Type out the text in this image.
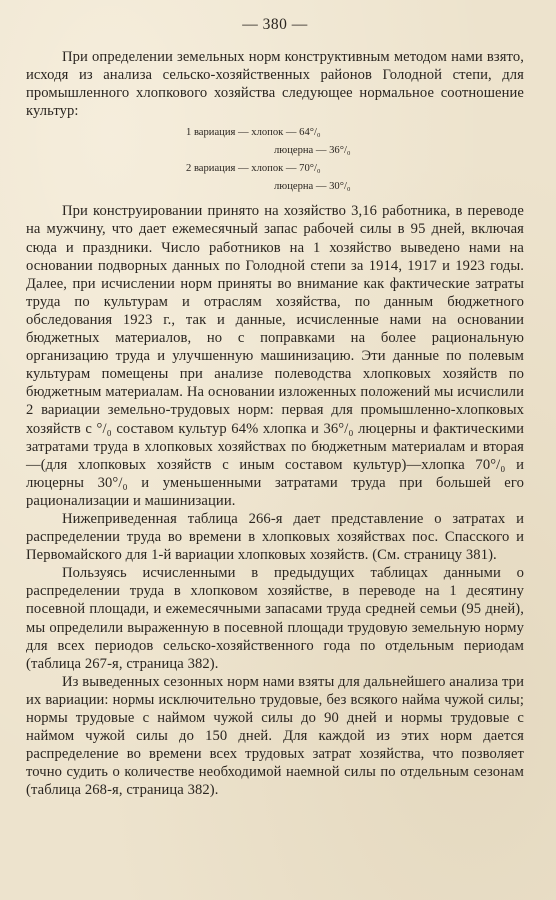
— 380 —

При определении земельных норм конструктивным методом нами взято, исходя из анализа сельско-хозяйственных районов Голодной степи, для промышленного хлопкового хозяйства следующее нормальное соотношение культур:

1 вариация — хлопок — 64°/₀
люцерна — 36°/₀
2 вариация — хлопок — 70°/₀
люцерна — 30°/₀

При конструировании принято на хозяйство 3,16 работника, в переводе на мужчину, что дает ежемесячный запас рабочей силы в 95 дней, включая сюда и праздники. Число работников на 1 хозяйство выведено нами на основании подворных данных по Голодной степи за 1914, 1917 и 1923 годы. Далее, при исчислении норм приняты во внимание как фактические затраты труда по культурам и отраслям хозяйства, по данным бюджетного обследования 1923 г., так и данные, исчисленные нами на основании бюджетных материалов, но с поправками на более рациональную организацию труда и улучшенную машинизацию. Эти данные по полевым культурам помещены при анализе полеводства хлопковых хозяйств по бюджетным материалам. На основании изложенных положений мы исчислили 2 вариации земельно-трудовых норм: первая для промышленно-хлопковых хозяйств с °/₀ составом культур 64% хлопка и 36°/₀ люцерны и фактическими затратами труда в хлопковых хозяйствах по бюджетным материалам и вторая—(для хлопковых хозяйств с иным составом культур)—хлопка 70°/₀ и люцерны 30°/₀ и уменьшенными затратами труда при большей его рационализации и машинизации.

Нижеприведенная таблица 266-я дает представление о затратах и распределении труда во времени в хлопковых хозяйствах пос. Спасского и Первомайского для 1-й вариации хлопковых хозяйств. (См. страницу 381).

Пользуясь исчисленными в предыдущих таблицах данными о распределении труда в хлопковом хозяйстве, в переводе на 1 десятину посевной площади, и ежемесячными запасами труда средней семьи (95 дней), мы определили выраженную в посевной площади трудовую земельную норму для всех периодов сельско-хозяйственного года по отдельным периодам (таблица 267-я, страница 382).

Из выведенных сезонных норм нами взяты для дальнейшего анализа три их вариации: нормы исключительно трудовые, без всякого найма чужой силы; нормы трудовые с наймом чужой силы до 90 дней и нормы трудовые с наймом чужой силы до 150 дней. Для каждой из этих норм дается распределение во времени всех трудовых затрат хозяйства, что позволяет точно судить о количестве необходимой наемной силы по отдельным сезонам (таблица 268-я, страница 382).
